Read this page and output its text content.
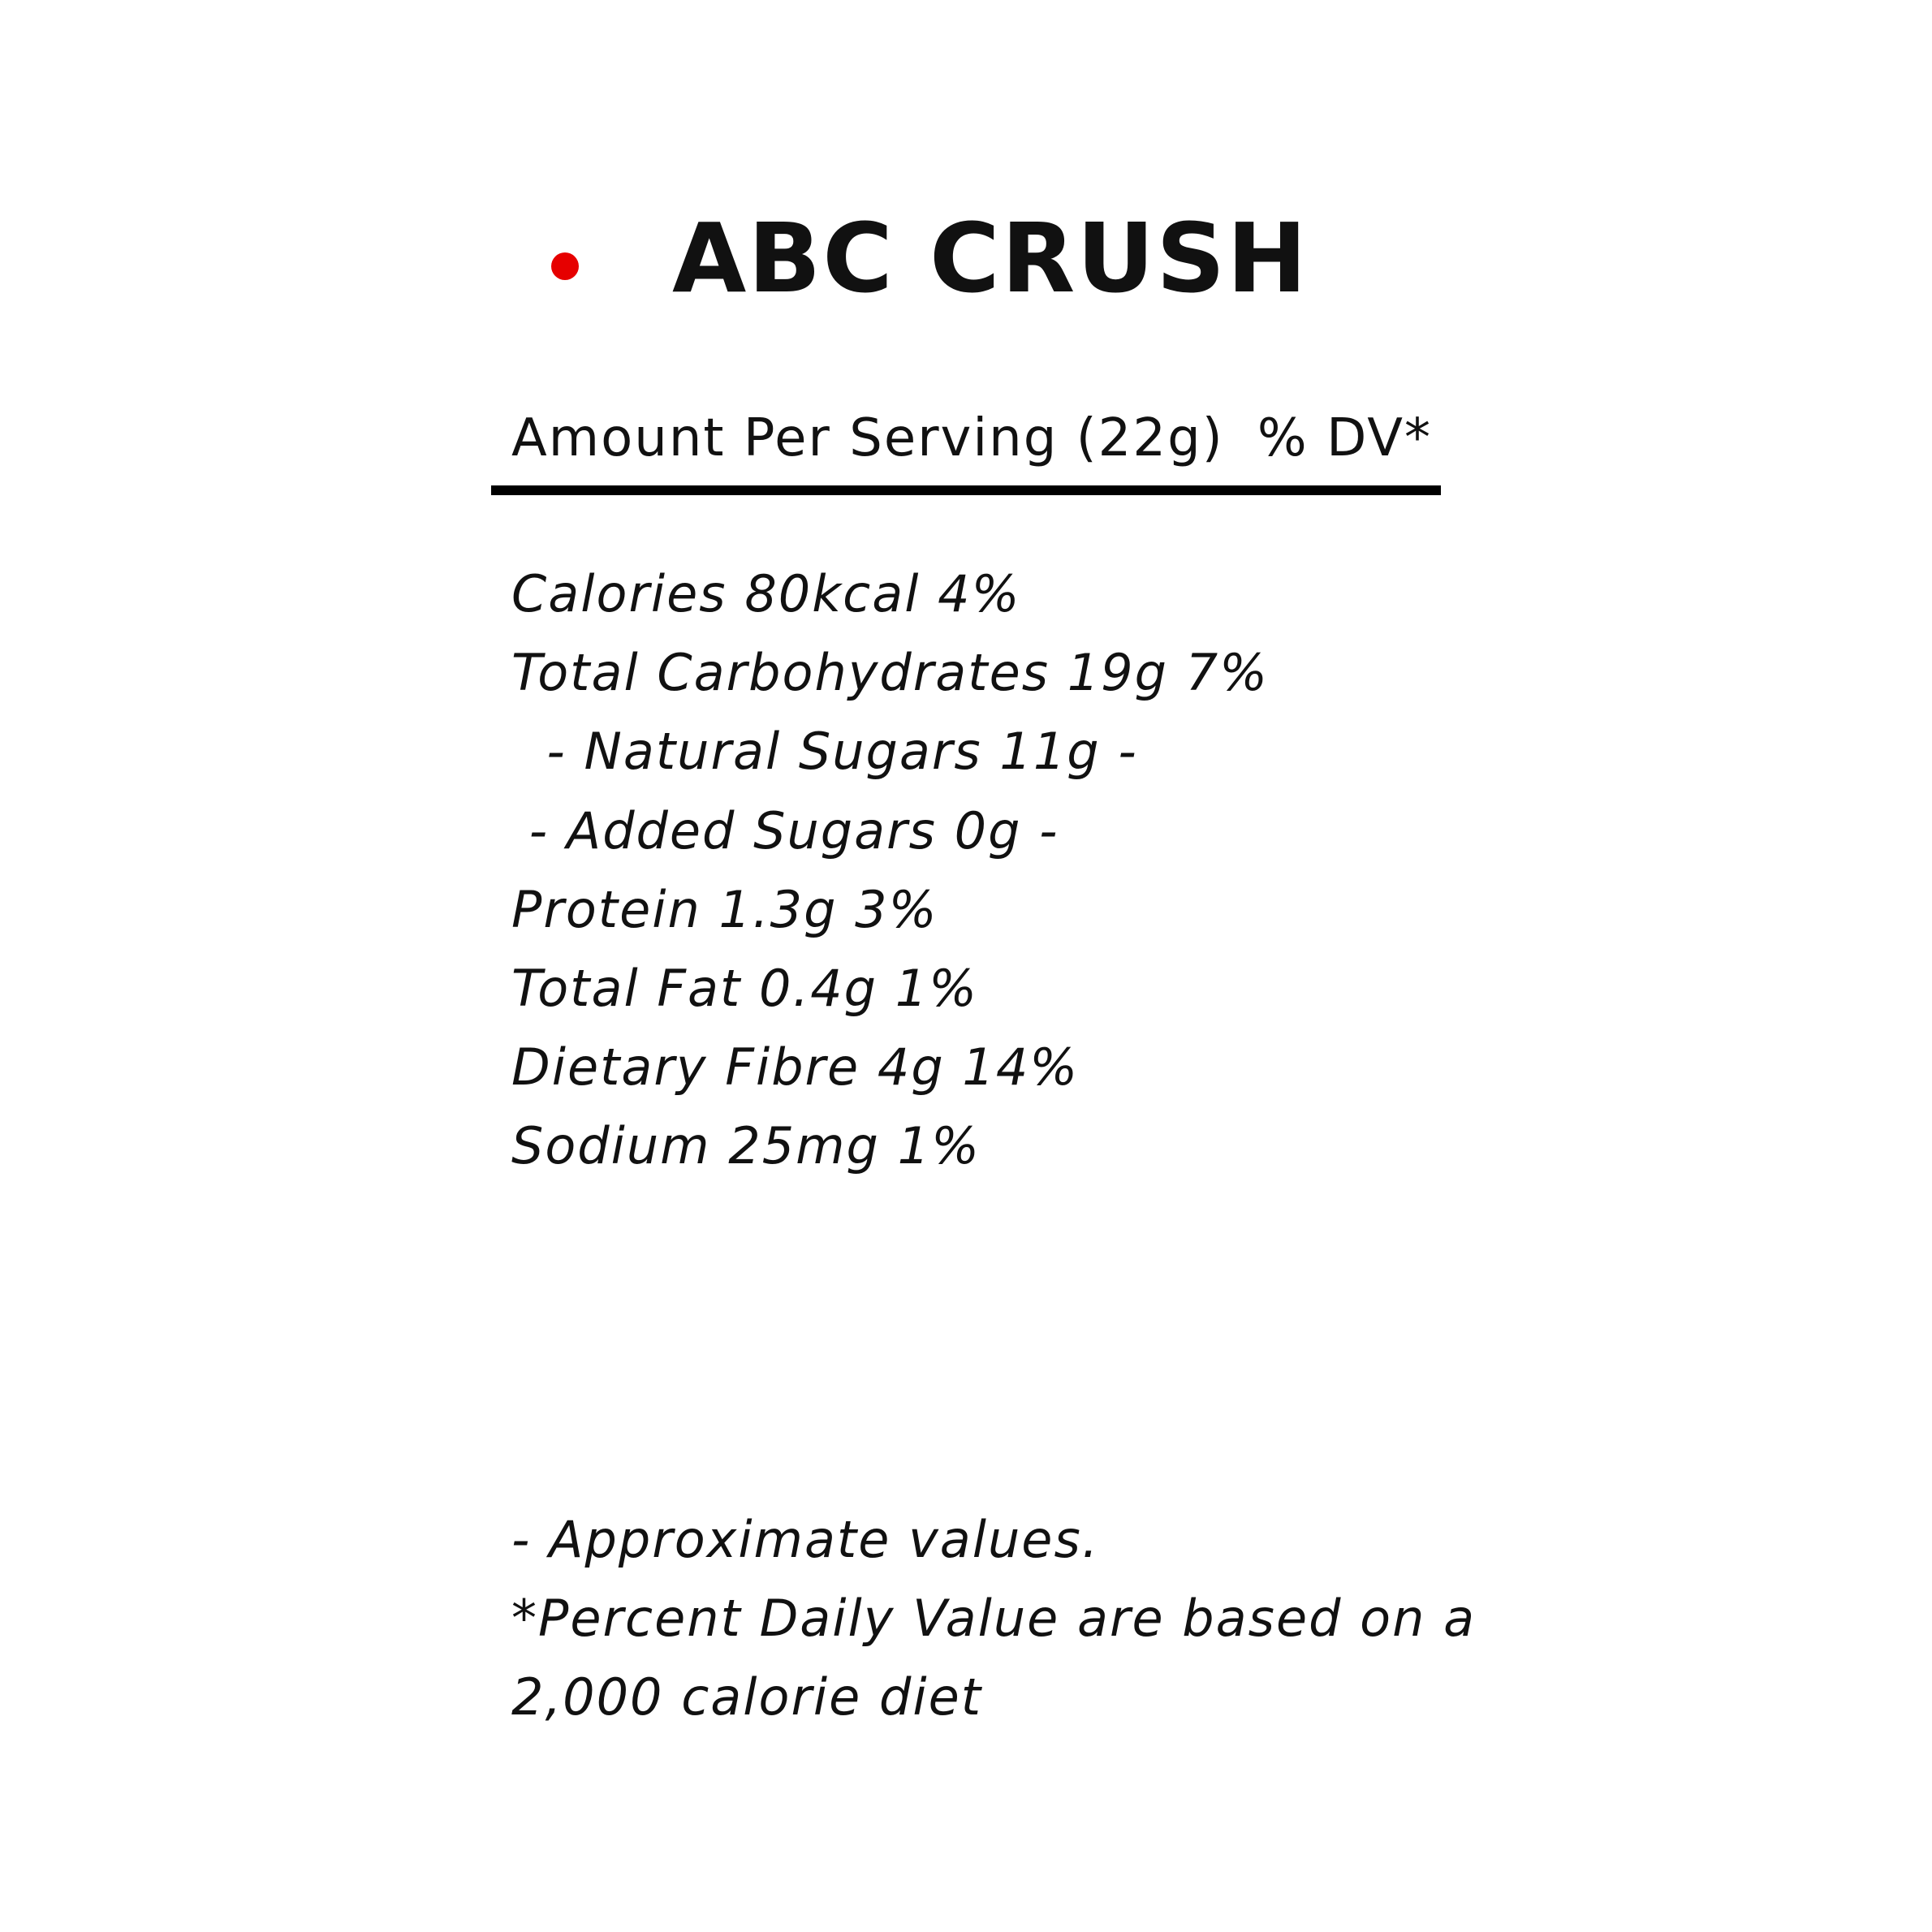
ABC CRUSH
Amount Per Serving (22g) % DV*
Calories 80kcal 4%
Total Carbohydrates 19g 7%
- Natural Sugars 11g -
- Added Sugars 0g -
Protein 1.3g 3%
Total Fat 0.4g 1%
Dietary Fibre 4g 14%
Sodium 25mg 1%
- Approximate values.
*Percent Daily Value are based on a
2,000 calorie diet
